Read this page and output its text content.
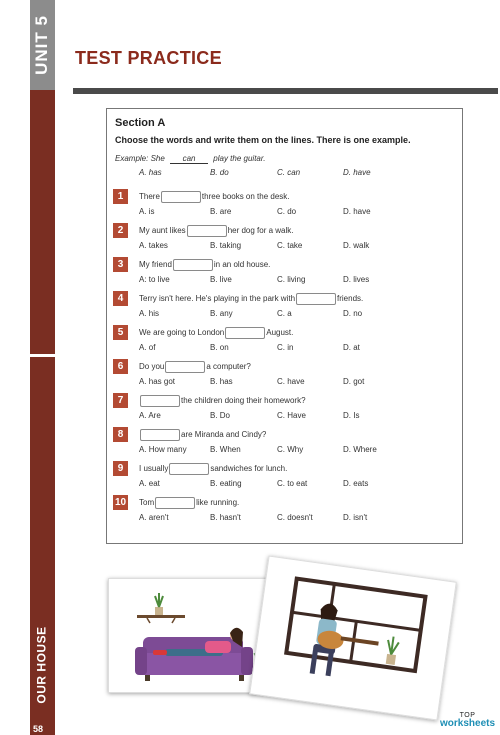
UNIT 5
OUR HOUSE
58
TEST PRACTICE
Section A
Choose the words and write them on the lines. There is one example.
Example: She can play the guitar.
A. has	B. do	C. can	D. have
1	There	three books on the desk.
A. is	B. are	C. do	D. have
2	My aunt likes	her dog for a walk.
A. takes	B. taking	C. take	D. walk
3	My friend	in an old house.
A: to live	B. live	C. living	D. lives
4	Terry isn't here. He's playing in the park with	friends.
A. his	B. any	C. a	D. no
5	We are going to London	August.
A. of	B. on	C. in	D. at
6	Do you	a computer?
A. has got	B. has	C. have	D. got
7	the children doing their homework?
A. Are	B. Do	C. Have	D. Is
8	are Miranda and Cindy?
A. How many	B. When	C. Why	D. Where
9	I usually	sandwiches for lunch.
A. eat	B. eating	C. to eat	D. eats
10 Tom	like running.
A. aren't	B. hasn't	C. doesn't	D. isn't
TOP
worksheets
